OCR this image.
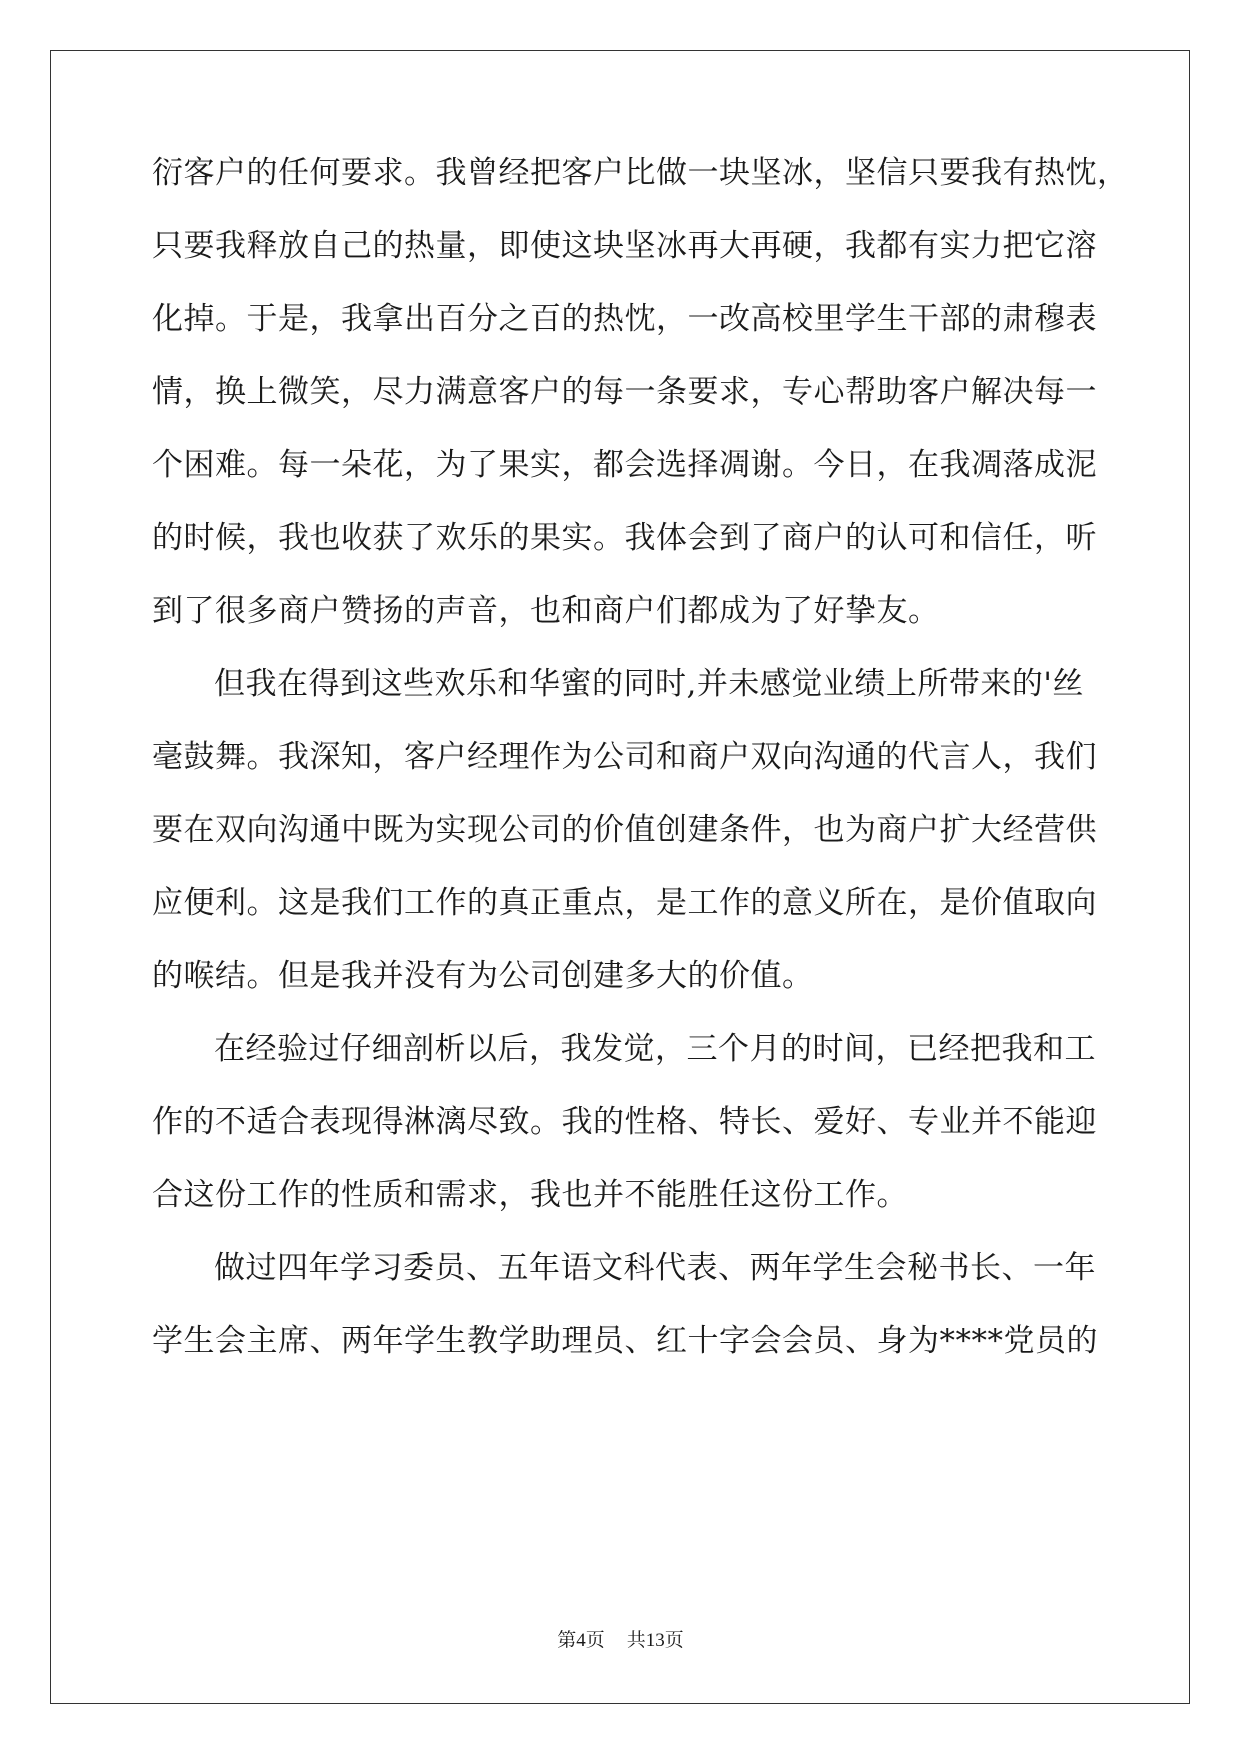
衍客户的任何要求。我曾经把客户比做一块坚冰，坚信只要我有热忱，
只要我释放自己的热量，即使这块坚冰再大再硬，我都有实力把它溶
化掉。于是，我拿出百分之百的热忱，一改高校里学生干部的肃穆表
情，换上微笑，尽力满意客户的每一条要求，专心帮助客户解决每一
个困难。每一朵花，为了果实，都会选择凋谢。今日，在我凋落成泥
的时候，我也收获了欢乐的果实。我体会到了商户的认可和信任，听
到了很多商户赞扬的声音，也和商户们都成为了好挚友。
但我在得到这些欢乐和华蜜的同时,并未感觉业绩上所带来的'丝
毫鼓舞。我深知，客户经理作为公司和商户双向沟通的代言人，我们
要在双向沟通中既为实现公司的价值创建条件，也为商户扩大经营供
应便利。这是我们工作的真正重点，是工作的意义所在，是价值取向
的喉结。但是我并没有为公司创建多大的价值。
在经验过仔细剖析以后，我发觉，三个月的时间，已经把我和工
作的不适合表现得淋漓尽致。我的性格、特长、爱好、专业并不能迎
合这份工作的性质和需求，我也并不能胜任这份工作。
做过四年学习委员、五年语文科代表、两年学生会秘书长、一年
学生会主席、两年学生教学助理员、红十字会会员、身为****党员的
第4页 共13页
